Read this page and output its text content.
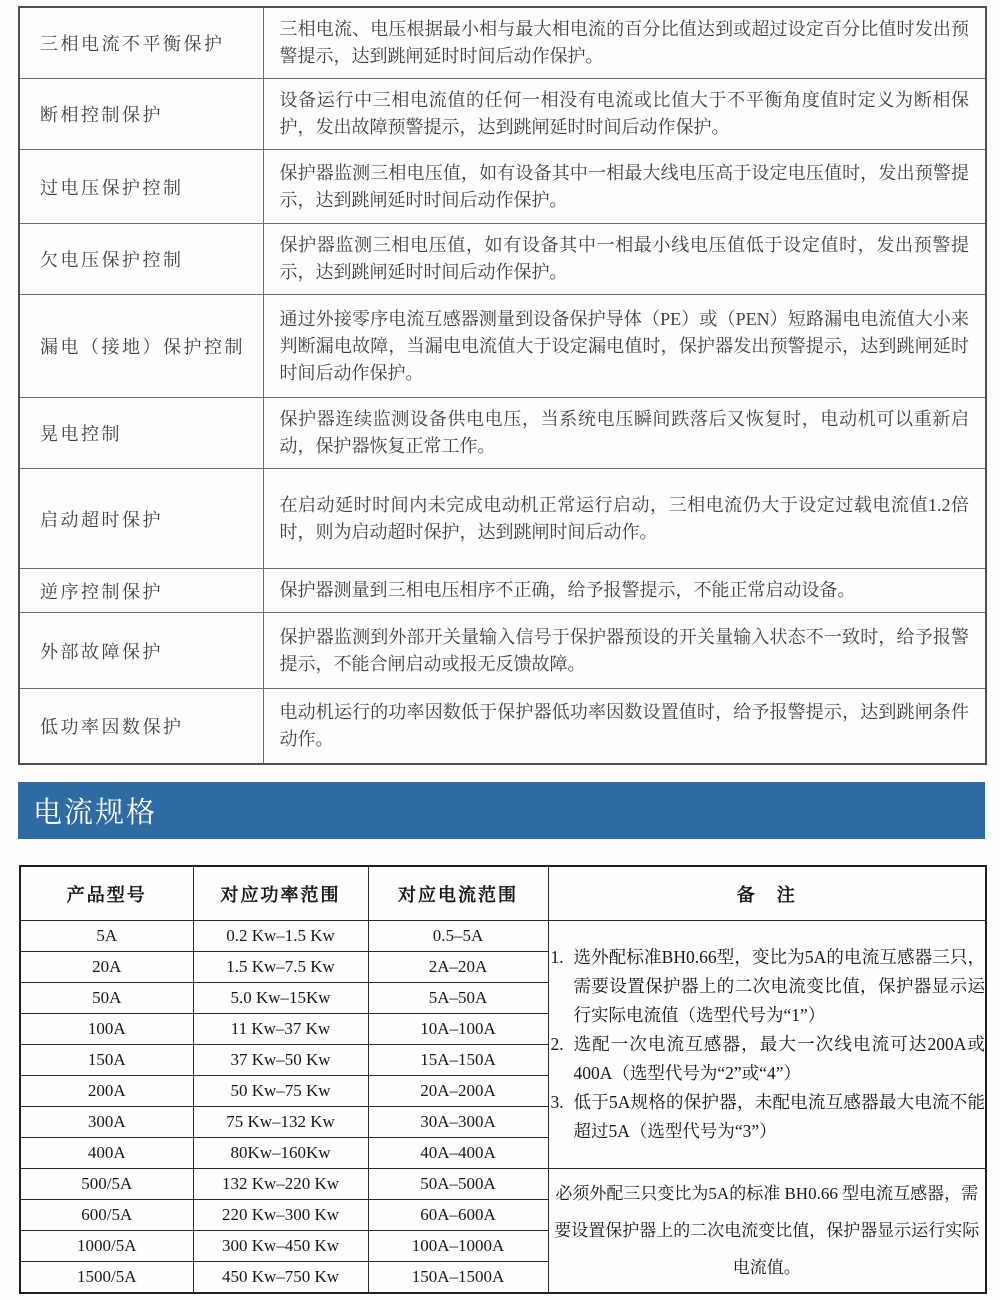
三相电流不平衡保护	三相电流、电压根据最小相与最大相电流的百分比值达到或超过设定百分比值时发出预警提示，达到跳闸延时时间后动作保护。
断相控制保护	设备运行中三相电流值的任何一相没有电流或比值大于不平衡角度值时定义为断相保护，发出故障预警提示，达到跳闸延时时间后动作保护。
过电压保护控制	保护器监测三相电压值，如有设备其中一相最大线电压高于设定电压值时，发出预警提示，达到跳闸延时时间后动作保护。
欠电压保护控制	保护器监测三相电压值，如有设备其中一相最小线电压值低于设定值时，发出预警提示，达到跳闸延时时间后动作保护。
漏电（接地）保护控制	通过外接零序电流互感器测量到设备保护导体（PE）或（PEN）短路漏电电流值大小来判断漏电故障，当漏电电流值大于设定漏电值时，保护器发出预警提示，达到跳闸延时时间后动作保护。
晃电控制	保护器连续监测设备供电电压，当系统电压瞬间跌落后又恢复时，电动机可以重新启动，保护器恢复正常工作。
启动超时保护	在启动延时时间内未完成电动机正常运行启动，三相电流仍大于设定过载电流值1.2倍时，则为启动超时保护，达到跳闸时间后动作。
逆序控制保护	保护器测量到三相电压相序不正确，给予报警提示，不能正常启动设备。
外部故障保护	保护器监测到外部开关量输入信号于保护器预设的开关量输入状态不一致时，给予报警提示，不能合闸启动或报无反馈故障。
低功率因数保护	电动机运行的功率因数低于保护器低功率因数设置值时，给予报警提示，达到跳闸条件动作。
电流规格
产品型号	对应功率范围	对应电流范围	备　注
5A	0.2 Kw–1.5 Kw	0.5–5A	
选外配标准BH0.66型，变比为5A的电流互感器三只，需要设置保护器上的二次电流变比值，保护器显示运行实际电流值（选型代号为“1”）
选配一次电流互感器，最大一次线电流可达200A或400A（选型代号为“2”或“4”）
低于5A规格的保护器，未配电流互感器最大电流不能超过5A（选型代号为“3”）

20A	1.5 Kw–7.5 Kw	2A–20A	
50A	5.0 Kw–15Kw	5A–50A	
100A	11 Kw–37 Kw	10A–100A	
150A	37 Kw–50 Kw	15A–150A	
200A	50 Kw–75 Kw	20A–200A	
300A	75 Kw–132 Kw	30A–300A	
400A	80Kw–160Kw	40A–400A	
500/5A	132 Kw–220 Kw	50A–500A	必须外配三只变比为5A的标准 BH0.66 型电流互感器，需要设置保护器上的二次电流变比值，保护器显示运行实际电流值。
600/5A	220 Kw–300 Kw	60A–600A	
1000/5A	300 Kw–450 Kw	100A–1000A	
1500/5A	450 Kw–750 Kw	150A–1500A	
